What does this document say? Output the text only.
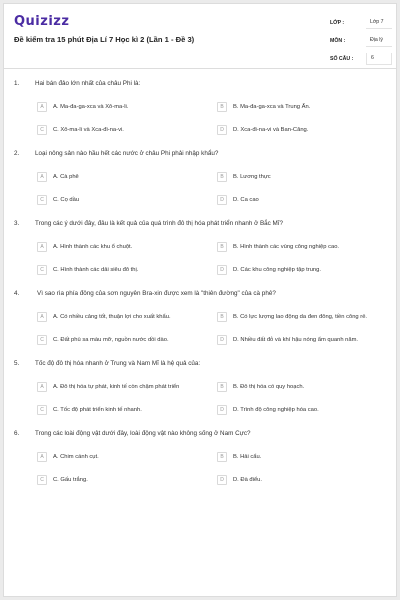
Quizizz
Đề kiểm tra 15 phút Địa Lí 7 Học kì 2 (Lần 1 - Đề 3)
LỚP :	Lớp 7
MÔN :	Địa lý
SỐ CÂU :	6
1. Hai bán đảo lớn nhất của châu Phi là:
A	A. Ma-đa-ga-xca và Xô-ma-li.	B	B. Ma-đa-ga-xca và Trung Ấn.
C	C. Xô-ma-li và Xca-đi-na-vi.	D	D. Xca-đi-na-vi và Ban-Căng.
2. Loại nông sản nào hầu hết các nước ở châu Phi phải nhập khẩu?
A	A. Cà phê	B	B. Lương thực
C	C. Cọ dầu	D	D. Ca cao
3. Trong các ý dưới đây, đâu là kết quả của quá trình đô thị hóa phát triển nhanh ở Bắc Mĩ?
A	A. Hình thành các khu ổ chuột.	B	B. Hình thành các vùng công nghiệp cao.
C	C. Hình thành các dải siêu đô thị.	D	D. Các khu công nghiệp tập trung.
4.	Vì sao rìa phía đông của sơn nguyên Bra-xin được xem là "thiên đường" của cà phê?
A	A. Có nhiều cảng tốt, thuận lợi cho xuất khẩu.	B	B. Có lực lượng lao động da đen đông, tiền công rẻ.
C	C. Đất phù sa màu mỡ, nguồn nước dồi dào.	D	D. Nhiều đất đỏ và khí hậu nóng ẩm quanh năm.
5. Tốc độ đô thị hóa nhanh ở Trung và Nam Mĩ là hệ quả của:
A	A. Đô thị hóa tự phát, kinh tế còn chậm phát triển	B	B. Đô thị hóa có quy hoạch.
C	C. Tốc độ phát triển kinh tế nhanh.	D	D. Trình độ công nghiệp hóa cao.
6. Trong các loài động vật dưới đây, loài động vật nào không sống ở Nam Cực?
A	A. Chim cánh cụt.	B	B. Hải cẩu.
C	C. Gấu trắng.	D	D. Đà điểu.
